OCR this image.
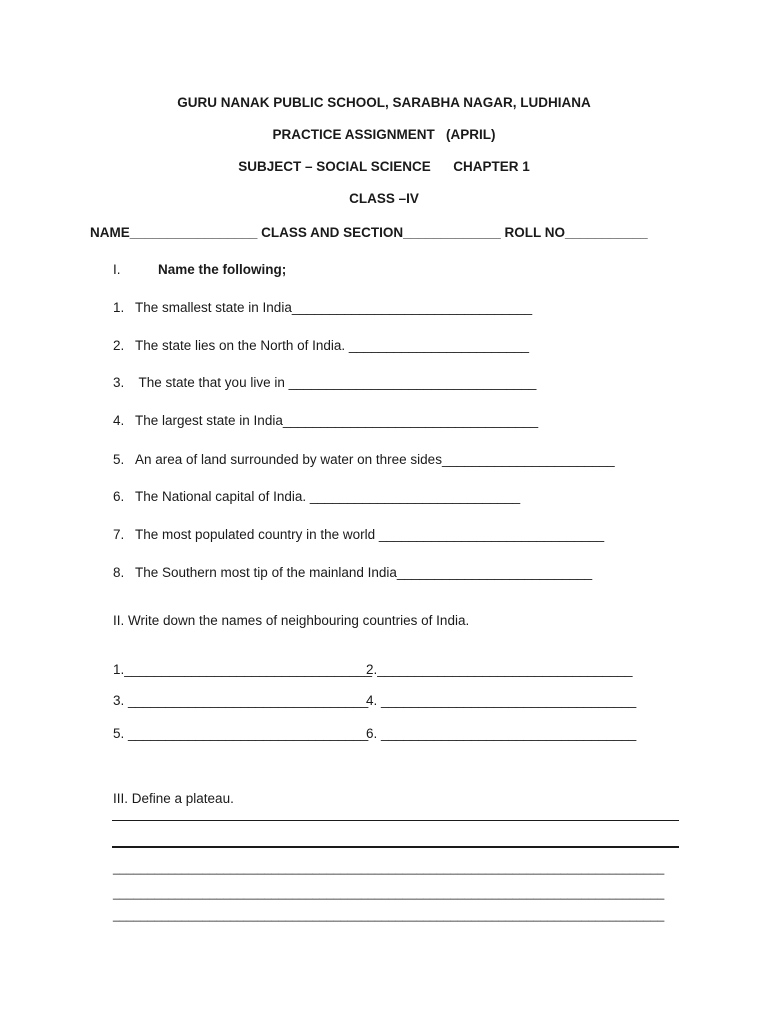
GURU NANAK PUBLIC SCHOOL, SARABHA NAGAR, LUDHIANA
PRACTICE ASSIGNMENT   (APRIL)
SUBJECT – SOCIAL SCIENCE      CHAPTER 1
CLASS –IV
NAME_________________ CLASS AND SECTION_____________ ROLL NO___________
I.	Name the following;
1. The smallest state in India________________________________
2. The state lies on the North of India. ________________________
3. The state that you live in _________________________________
4. The largest state in India__________________________________
5. An area of land surrounded by water on three sides_______________________
6. The National capital of India. ____________________________
7. The most populated country in the world ______________________________
8. The Southern most tip of the mainland India__________________________
II. Write down the names of neighbouring countries of India.
1._________________________________
2.__________________________________
3. ________________________________
4. __________________________________
5. ________________________________
6. __________________________________
III. Define a plateau.
________________________________________________________________________________
________________________________________________________________________________
________________________________________________________________________________
